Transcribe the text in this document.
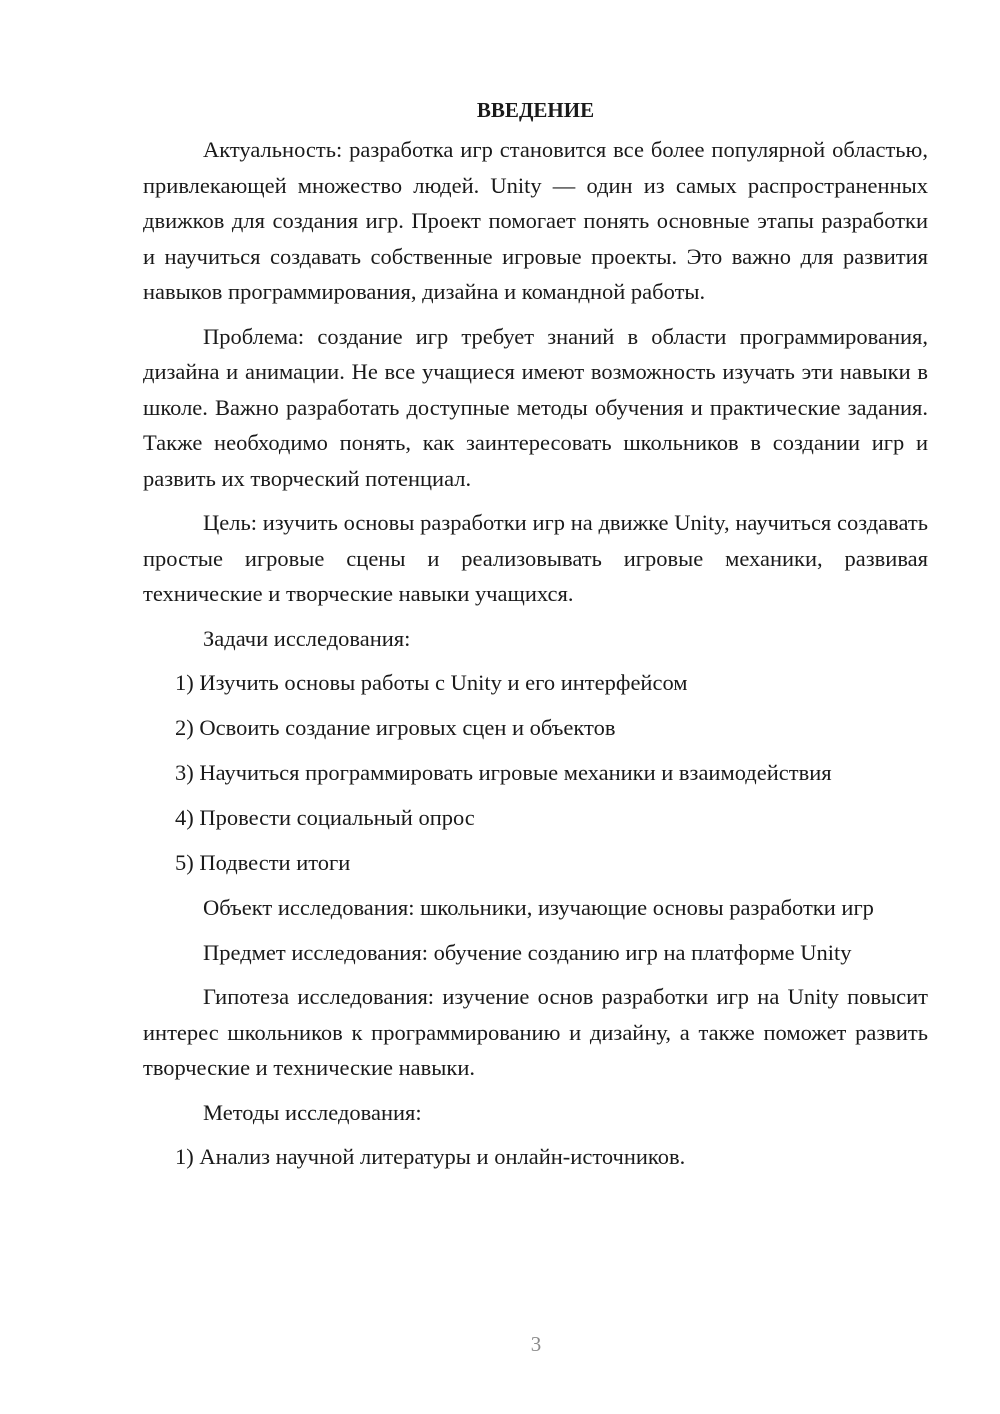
ВВЕДЕНИЕ

Актуальность: разработка игр становится все более популярной областью, привлекающей множество людей. Unity — один из самых распространенных движков для создания игр. Проект помогает понять основные этапы разработки и научиться создавать собственные игровые проекты. Это важно для развития навыков программирования, дизайна и командной работы.

Проблема: создание игр требует знаний в области программирования, дизайна и анимации. Не все учащиеся имеют возможность изучать эти навыки в школе. Важно разработать доступные методы обучения и практические задания. Также необходимо понять, как заинтересовать школьников в создании игр и развить их творческий потенциал.

Цель: изучить основы разработки игр на движке Unity, научиться создавать простые игровые сцены и реализовывать игровые механики, развивая технические и творческие навыки учащихся.

Задачи исследования:

1) Изучить основы работы с Unity и его интерфейсом
2) Освоить создание игровых сцен и объектов
3) Научиться программировать игровые механики и взаимодействия
4) Провести социальный опрос
5) Подвести итоги

Объект исследования: школьники, изучающие основы разработки игр

Предмет исследования: обучение созданию игр на платформе Unity

Гипотеза исследования: изучение основ разработки игр на Unity повысит интерес школьников к программированию и дизайну, а также поможет развить творческие и технические навыки.

Методы исследования:

1) Анализ научной литературы и онлайн-источников.
3
